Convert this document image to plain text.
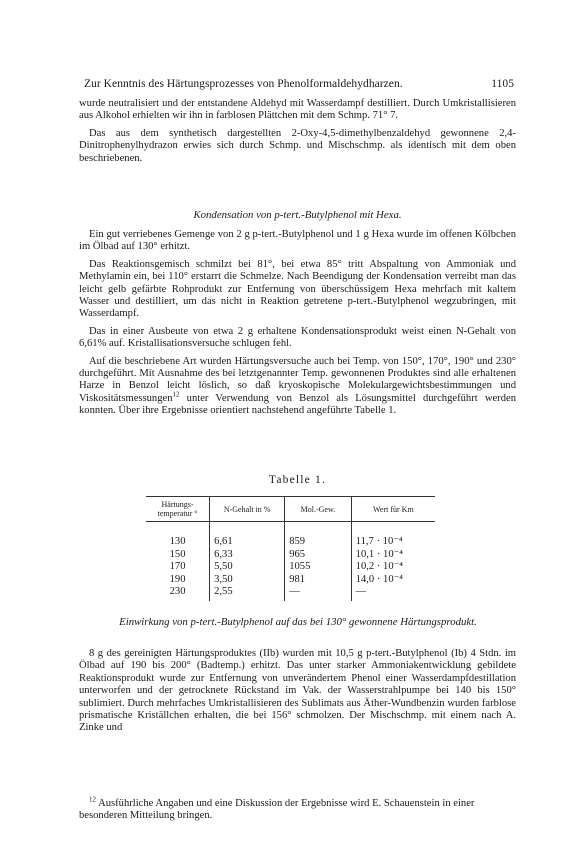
Zur Kenntnis des Härtungsprozesses von Phenolformaldehydharzen.	1105

wurde neutralisiert und der entstandene Aldehyd mit Wasserdampf destilliert. Durch Umkristallisieren aus Alkohol erhielten wir ihn in farblosen Plättchen mit dem Schmp. 71° 7.

Das aus dem synthetisch dargestellten 2-Oxy-4,5-dimethylbenzaldehyd gewonnene 2,4-Dinitrophenylhydrazon erwies sich durch Schmp. und Mischschmp. als identisch mit dem oben beschriebenen.

Kondensation von p-tert.-Butylphenol mit Hexa.

Ein gut verriebenes Gemenge von 2 g p-tert.-Butylphenol und 1 g Hexa wurde im offenen Kölbchen im Ölbad auf 130° erhitzt.

Das Reaktionsgemisch schmilzt bei 81°, bei etwa 85° tritt Abspaltung von Ammoniak und Methylamin ein, bei 110° erstarrt die Schmelze. Nach Beendigung der Kondensation verreibt man das leicht gelb gefärbte Rohprodukt zur Entfernung von überschüssigem Hexa mehrfach mit kaltem Wasser und destilliert, um das nicht in Reaktion getretene p-tert.-Butylphenol wegzubringen, mit Wasserdampf.

Das in einer Ausbeute von etwa 2 g erhaltene Kondensationsprodukt weist einen N-Gehalt von 6,61% auf. Kristallisationsversuche schlugen fehl.

Auf die beschriebene Art wurden Härtungsversuche auch bei Temp. von 150°, 170°, 190° und 230° durchgeführt. Mit Ausnahme des bei letztgenannter Temp. gewonnenen Produktes sind alle erhaltenen Harze in Benzol leicht löslich, so daß kryoskopische Molekulargewichtsbestimmungen und Viskositätsmessungen$^{12}$ unter Verwendung von Benzol als Lösungsmittel durchgeführt werden konnten. Über ihre Ergebnisse orientiert nachstehend angeführte Tabelle 1.

Tabelle 1.
Härtungs- temperatur °	N-Gehalt in %	Mol.-Gew.	Wert für Km
130	6,61	859	11,7 · 10⁻⁴
150	6,33	965	10,1 · 10⁻⁴
170	5,50	1055	10,2 · 10⁻⁴
190	3,50	981	14,0 · 10⁻⁴
230	2,55	—	—
Einwirkung von p-tert.-Butylphenol auf das bei 130° gewonnene Härtungsprodukt.

8 g des gereinigten Härtungsproduktes (IIb) wurden mit 10,5 g p-tert.-Butylphenol (Ib) 4 Stdn. im Ölbad auf 190 bis 200° (Badtemp.) erhitzt. Das unter starker Ammoniakentwicklung gebildete Reaktionsprodukt wurde zur Entfernung von unverändertem Phenol einer Wasserdampfdestillation unterworfen und der getrocknete Rückstand im Vak. der Wasserstrahlpumpe bei 140 bis 150° sublimiert. Durch mehrfaches Umkristallisieren des Sublimats aus Äther-Wundbenzin wurden farblose prismatische Kriställchen erhalten, die bei 156° schmolzen. Der Mischschmp. mit einem nach A. Zinke und

$^{12}$ Ausführliche Angaben und eine Diskussion der Ergebnisse wird E. Schauenstein in einer besonderen Mitteilung bringen.
